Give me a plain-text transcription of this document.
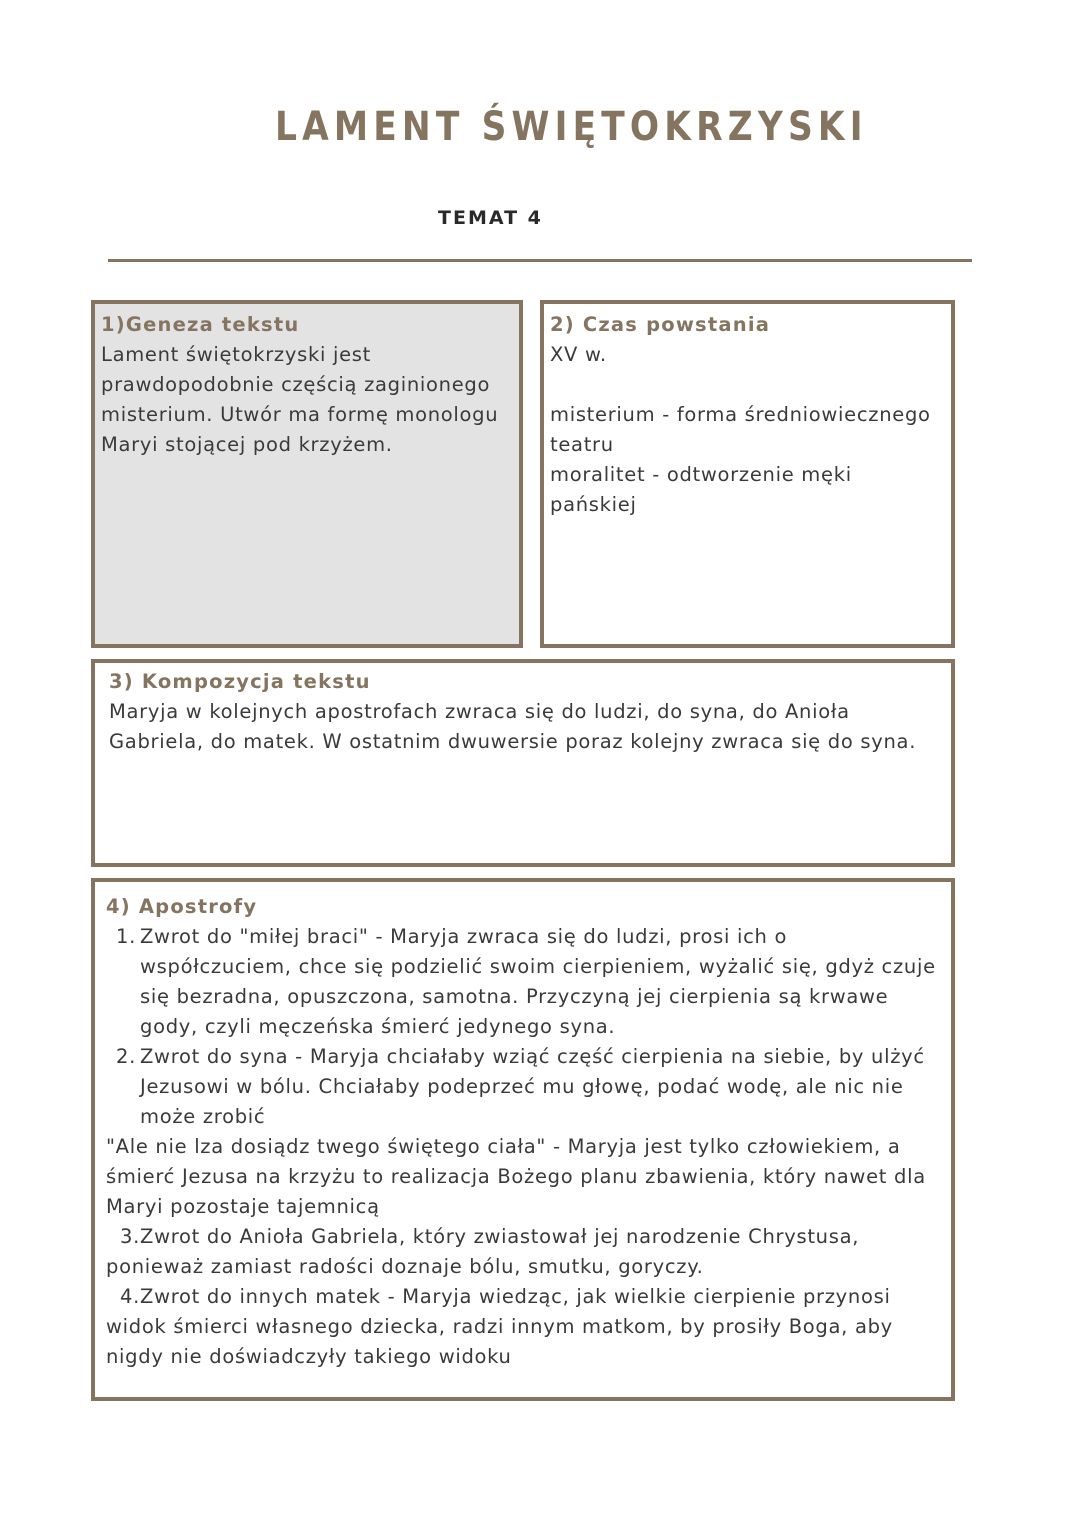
LAMENT ŚWIĘTOKRZYSKI
TEMAT 4
1)Geneza tekstu

Lament świętokrzyski jest prawdopodobnie częścią zaginionego misterium. Utwór ma formę monologu Maryi stojącej pod krzyżem.

2) Czas powstania

XV w.

misterium - forma średniowiecznego teatru

moralitet - odtworzenie męki pańskiej

3) Kompozycja tekstu

Maryja w kolejnych apostrofach zwraca się do ludzi, do syna, do Anioła Gabriela, do matek. W ostatnim dwuwersie poraz kolejny zwraca się do syna.

4) Apostrofy
1. Zwrot do "miłej braci" - Maryja zwraca się do ludzi, prosi ich o współczuciem, chce się podzielić swoim cierpieniem, wyżalić się, gdyż czuje się bezradna, opuszczona, samotna. Przyczyną jej cierpienia są krwawe gody, czyli męczeńska śmierć jedynego syna.
2. Zwrot do syna - Maryja chciałaby wziąć część cierpienia na siebie, by ulżyć Jezusowi w bólu. Chciałaby podeprzeć mu głowę, podać wodę, ale nic nie może zrobić

"Ale nie lza dosiądz twego świętego ciała" - Maryja jest tylko człowiekiem, a śmierć Jezusa na krzyżu to realizacja Bożego planu zbawienia, który nawet dla Maryi pozostaje tajemnicą

3.Zwrot do Anioła Gabriela, który zwiastował jej narodzenie Chrystusa,

ponieważ zamiast radości doznaje bólu, smutku, goryczy.

4.Zwrot do innych matek - Maryja wiedząc, jak wielkie cierpienie przynosi

widok śmierci własnego dziecka, radzi innym matkom, by prosiły Boga, aby nigdy nie doświadczyły takiego widoku
